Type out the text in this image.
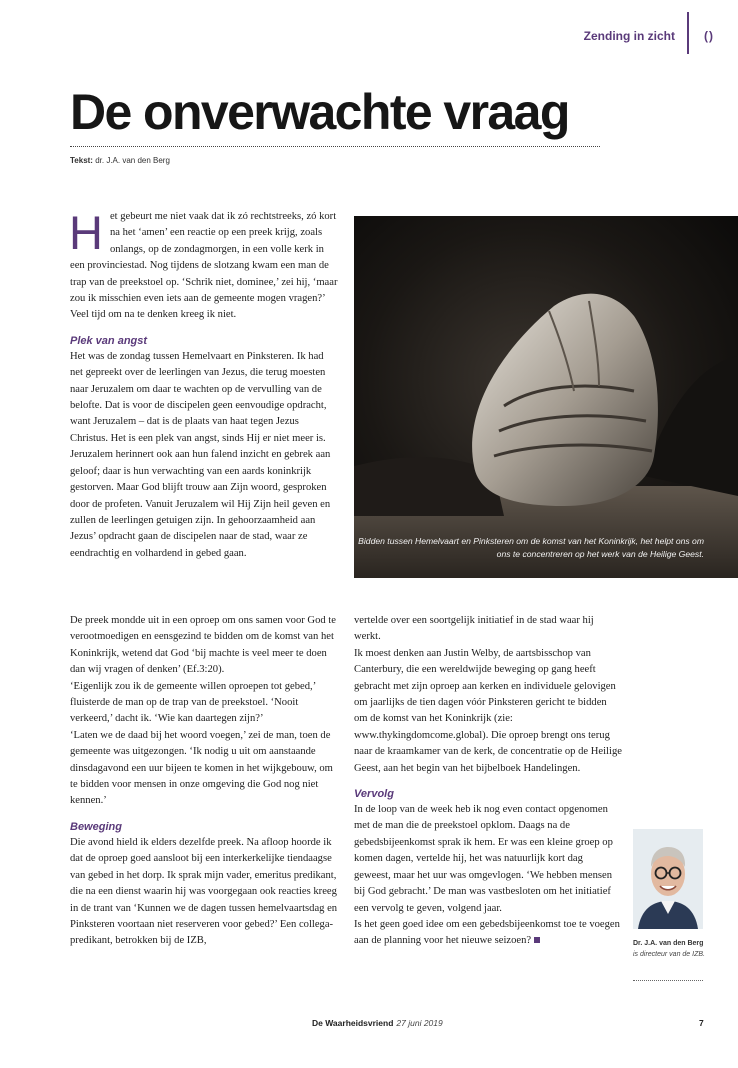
Zending in zicht ()
De onverwachte vraag
Tekst: dr. J.A. van den Berg

Het gebeurt me niet vaak dat ik zó rechtstreeks, zó kort na het ‘amen’ een reactie op een preek krijg, zoals onlangs, op de zondagmorgen, in een volle kerk in een provinciestad. Nog tijdens de slotzang kwam een man de trap van de preekstoel op. ‘Schrik niet, dominee,’ zei hij, ‘maar zou ik misschien even iets aan de gemeente mogen vragen?’ Veel tijd om na te denken kreeg ik niet.

Plek van angst

Het was de zondag tussen Hemelvaart en Pinksteren. Ik had net gepreekt over de leerlingen van Jezus, die terug moesten naar Jeruzalem om daar te wachten op de vervulling van de belofte. Dat is voor de discipelen geen eenvoudige opdracht, want Jeruzalem – dat is de plaats van haat tegen Jezus Christus. Het is een plek van angst, sinds Hij er niet meer is. Jeruzalem herinnert ook aan hun falend inzicht en gebrek aan geloof; daar is hun verwachting van een aards koninkrijk gestorven. Maar God blijft trouw aan Zijn woord, gesproken door de profeten. Vanuit Jeruzalem wil Hij Zijn heil geven en zullen de leerlingen getuigen zijn. In gehoorzaamheid aan Jezus’ opdracht gaan de discipelen naar de stad, waar ze eendrachtig en volhardend in gebed gaan.

Bidden tussen Hemelvaart en Pinksteren om de komst van het Koninkrijk, het helpt ons om ons te concentreren op het werk van de Heilige Geest.

De preek mondde uit in een oproep om ons samen voor God te verootmoedigen en eensgezind te bidden om de komst van het Koninkrijk, wetend dat God ‘bij machte is veel meer te doen dan wij vragen of denken’ (Ef.3:20).

‘Eigenlijk zou ik de gemeente willen oproepen tot gebed,’ fluisterde de man op de trap van de preekstoel. ‘Nooit verkeerd,’ dacht ik. ‘Wie kan daartegen zijn?’

‘Laten we de daad bij het woord voegen,’ zei de man, toen de gemeente was uitgezongen. ‘Ik nodig u uit om aanstaande dinsdagavond een uur bijeen te komen in het wijkgebouw, om te bidden voor mensen in onze omgeving die God nog niet kennen.’

Beweging

Die avond hield ik elders dezelfde preek. Na afloop hoorde ik dat de oproep goed aansloot bij een interkerkelijke tiendaagse van gebed in het dorp. Ik sprak mijn vader, emeritus predikant, die na een dienst waarin hij was voorgegaan ook reacties kreeg in de trant van ‘Kunnen we de dagen tussen hemelvaartsdag en Pinksteren voortaan niet reserveren voor gebed?’ Een collega-predikant, betrokken bij de IZB,

vertelde over een soortgelijk initiatief in de stad waar hij werkt.

Ik moest denken aan Justin Welby, de aartsbisschop van Canterbury, die een wereldwijde beweging op gang heeft gebracht met zijn oproep aan kerken en individuele gelovigen om jaarlijks de tien dagen vóór Pinksteren gericht te bidden om de komst van het Koninkrijk (zie: www.thykingdomcome.global). Die oproep brengt ons terug naar de kraamkamer van de kerk, de concentratie op de Heilige Geest, aan het begin van het bijbelboek Handelingen.

Vervolg

In de loop van de week heb ik nog even contact opgenomen met de man die de preekstoel opklom. Daags na de gebedsbijeenkomst sprak ik hem. Er was een kleine groep op komen dagen, vertelde hij, het was natuurlijk kort dag geweest, maar het uur was omgevlogen. ‘We hebben mensen bij God gebracht.’ De man was vastbesloten om het initiatief een vervolg te geven, volgend jaar.

Is het geen goed idee om een gebedsbijeenkomst toe te voegen aan de planning voor het nieuwe seizoen?	Dr. J.A. van den Berg
is directeur van de IZB.
De Waarheidsvriend 27 juni 2019	7
